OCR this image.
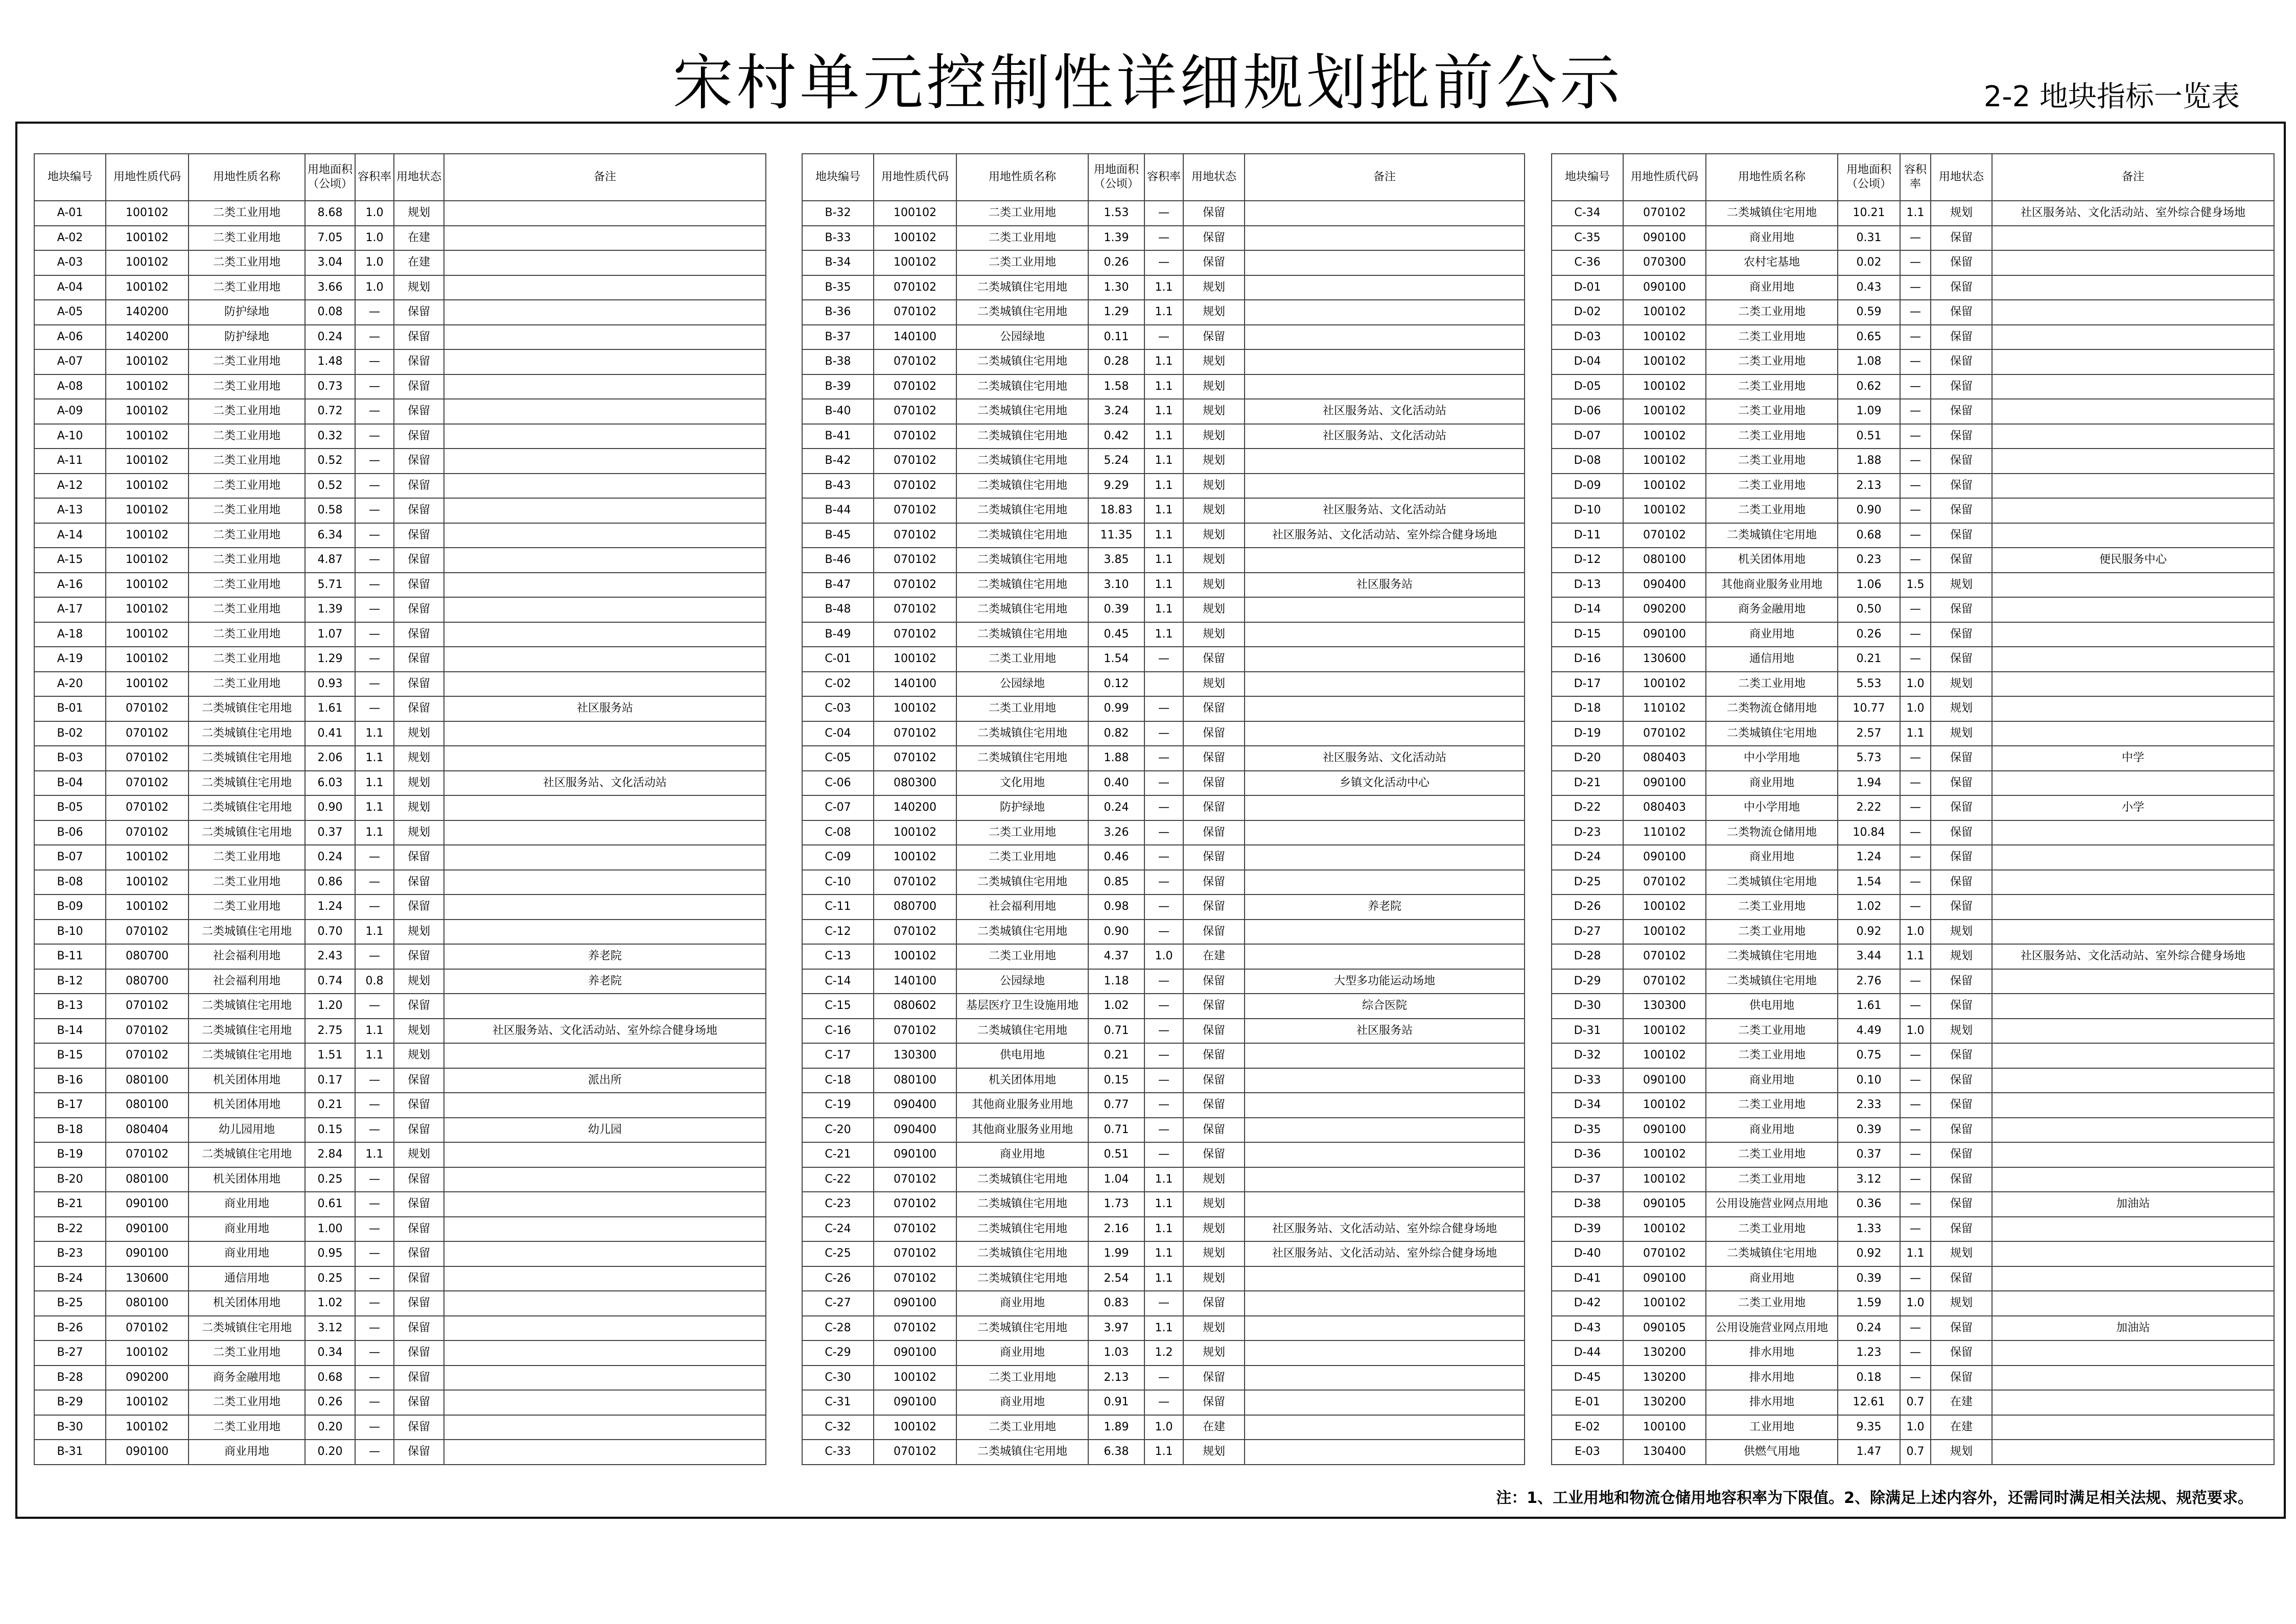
宋村单元控制性详细规划批前公示	2-2 地块指标一览表
地块编号	用地性质代码	用地性质名称	用地面积（公顷）	容积率	用地状态	备注
A-01	100102	二类工业用地	8.68	1.0	规划	
A-02	100102	二类工业用地	7.05	1.0	在建	
A-03	100102	二类工业用地	3.04	1.0	在建	
A-04	100102	二类工业用地	3.66	1.0	规划	
A-05	140200	防护绿地	0.08	—	保留	
A-06	140200	防护绿地	0.24	—	保留	
A-07	100102	二类工业用地	1.48	—	保留	
A-08	100102	二类工业用地	0.73	—	保留	
A-09	100102	二类工业用地	0.72	—	保留	
A-10	100102	二类工业用地	0.32	—	保留	
A-11	100102	二类工业用地	0.52	—	保留	
A-12	100102	二类工业用地	0.52	—	保留	
A-13	100102	二类工业用地	0.58	—	保留	
A-14	100102	二类工业用地	6.34	—	保留	
A-15	100102	二类工业用地	4.87	—	保留	
A-16	100102	二类工业用地	5.71	—	保留	
A-17	100102	二类工业用地	1.39	—	保留	
A-18	100102	二类工业用地	1.07	—	保留	
A-19	100102	二类工业用地	1.29	—	保留	
A-20	100102	二类工业用地	0.93	—	保留	
B-01	070102	二类城镇住宅用地	1.61	—	保留	社区服务站
B-02	070102	二类城镇住宅用地	0.41	1.1	规划	
B-03	070102	二类城镇住宅用地	2.06	1.1	规划	
B-04	070102	二类城镇住宅用地	6.03	1.1	规划	社区服务站、文化活动站
B-05	070102	二类城镇住宅用地	0.90	1.1	规划	
B-06	070102	二类城镇住宅用地	0.37	1.1	规划	
B-07	100102	二类工业用地	0.24	—	保留	
B-08	100102	二类工业用地	0.86	—	保留	
B-09	100102	二类工业用地	1.24	—	保留	
B-10	070102	二类城镇住宅用地	0.70	1.1	规划	
B-11	080700	社会福利用地	2.43	—	保留	养老院
B-12	080700	社会福利用地	0.74	0.8	规划	养老院
B-13	070102	二类城镇住宅用地	1.20	—	保留	
B-14	070102	二类城镇住宅用地	2.75	1.1	规划	社区服务站、文化活动站、室外综合健身场地
B-15	070102	二类城镇住宅用地	1.51	1.1	规划	
B-16	080100	机关团体用地	0.17	—	保留	派出所
B-17	080100	机关团体用地	0.21	—	保留	
B-18	080404	幼儿园用地	0.15	—	保留	幼儿园
B-19	070102	二类城镇住宅用地	2.84	1.1	规划	
B-20	080100	机关团体用地	0.25	—	保留	
B-21	090100	商业用地	0.61	—	保留	
B-22	090100	商业用地	1.00	—	保留	
B-23	090100	商业用地	0.95	—	保留	
B-24	130600	通信用地	0.25	—	保留	
B-25	080100	机关团体用地	1.02	—	保留	
B-26	070102	二类城镇住宅用地	3.12	—	保留	
B-27	100102	二类工业用地	0.34	—	保留	
B-28	090200	商务金融用地	0.68	—	保留	
B-29	100102	二类工业用地	0.26	—	保留	
B-30	100102	二类工业用地	0.20	—	保留	
B-31	090100	商业用地	0.20	—	保留	
地块编号	用地性质代码	用地性质名称	用地面积（公顷）	容积率	用地状态	备注
B-32	100102	二类工业用地	1.53	—	保留	
B-33	100102	二类工业用地	1.39	—	保留	
B-34	100102	二类工业用地	0.26	—	保留	
B-35	070102	二类城镇住宅用地	1.30	1.1	规划	
B-36	070102	二类城镇住宅用地	1.29	1.1	规划	
B-37	140100	公园绿地	0.11	—	保留	
B-38	070102	二类城镇住宅用地	0.28	1.1	规划	
B-39	070102	二类城镇住宅用地	1.58	1.1	规划	
B-40	070102	二类城镇住宅用地	3.24	1.1	规划	社区服务站、文化活动站
B-41	070102	二类城镇住宅用地	0.42	1.1	规划	社区服务站、文化活动站
B-42	070102	二类城镇住宅用地	5.24	1.1	规划	
B-43	070102	二类城镇住宅用地	9.29	1.1	规划	
B-44	070102	二类城镇住宅用地	18.83	1.1	规划	社区服务站、文化活动站
B-45	070102	二类城镇住宅用地	11.35	1.1	规划	社区服务站、文化活动站、室外综合健身场地
B-46	070102	二类城镇住宅用地	3.85	1.1	规划	
B-47	070102	二类城镇住宅用地	3.10	1.1	规划	社区服务站
B-48	070102	二类城镇住宅用地	0.39	1.1	规划	
B-49	070102	二类城镇住宅用地	0.45	1.1	规划	
C-01	100102	二类工业用地	1.54	—	保留	
C-02	140100	公园绿地	0.12		规划	
C-03	100102	二类工业用地	0.99	—	保留	
C-04	070102	二类城镇住宅用地	0.82	—	保留	
C-05	070102	二类城镇住宅用地	1.88	—	保留	社区服务站、文化活动站
C-06	080300	文化用地	0.40	—	保留	乡镇文化活动中心
C-07	140200	防护绿地	0.24	—	保留	
C-08	100102	二类工业用地	3.26	—	保留	
C-09	100102	二类工业用地	0.46	—	保留	
C-10	070102	二类城镇住宅用地	0.85	—	保留	
C-11	080700	社会福利用地	0.98	—	保留	养老院
C-12	070102	二类城镇住宅用地	0.90	—	保留	
C-13	100102	二类工业用地	4.37	1.0	在建	
C-14	140100	公园绿地	1.18	—	保留	大型多功能运动场地
C-15	080602	基层医疗卫生设施用地	1.02	—	保留	综合医院
C-16	070102	二类城镇住宅用地	0.71	—	保留	社区服务站
C-17	130300	供电用地	0.21	—	保留	
C-18	080100	机关团体用地	0.15	—	保留	
C-19	090400	其他商业服务业用地	0.77	—	保留	
C-20	090400	其他商业服务业用地	0.71	—	保留	
C-21	090100	商业用地	0.51	—	保留	
C-22	070102	二类城镇住宅用地	1.04	1.1	规划	
C-23	070102	二类城镇住宅用地	1.73	1.1	规划	
C-24	070102	二类城镇住宅用地	2.16	1.1	规划	社区服务站、文化活动站、室外综合健身场地
C-25	070102	二类城镇住宅用地	1.99	1.1	规划	社区服务站、文化活动站、室外综合健身场地
C-26	070102	二类城镇住宅用地	2.54	1.1	规划	
C-27	090100	商业用地	0.83	—	保留	
C-28	070102	二类城镇住宅用地	3.97	1.1	规划	
C-29	090100	商业用地	1.03	1.2	规划	
C-30	100102	二类工业用地	2.13	—	保留	
C-31	090100	商业用地	0.91	—	保留	
C-32	100102	二类工业用地	1.89	1.0	在建	
C-33	070102	二类城镇住宅用地	6.38	1.1	规划	
地块编号	用地性质代码	用地性质名称	用地面积（公顷）	容积率	用地状态	备注
C-34	070102	二类城镇住宅用地	10.21	1.1	规划	社区服务站、文化活动站、室外综合健身场地
C-35	090100	商业用地	0.31	—	保留	
C-36	070300	农村宅基地	0.02	—	保留	
D-01	090100	商业用地	0.43	—	保留	
D-02	100102	二类工业用地	0.59	—	保留	
D-03	100102	二类工业用地	0.65	—	保留	
D-04	100102	二类工业用地	1.08	—	保留	
D-05	100102	二类工业用地	0.62	—	保留	
D-06	100102	二类工业用地	1.09	—	保留	
D-07	100102	二类工业用地	0.51	—	保留	
D-08	100102	二类工业用地	1.88	—	保留	
D-09	100102	二类工业用地	2.13	—	保留	
D-10	100102	二类工业用地	0.90	—	保留	
D-11	070102	二类城镇住宅用地	0.68	—	保留	
D-12	080100	机关团体用地	0.23	—	保留	便民服务中心
D-13	090400	其他商业服务业用地	1.06	1.5	规划	
D-14	090200	商务金融用地	0.50	—	保留	
D-15	090100	商业用地	0.26	—	保留	
D-16	130600	通信用地	0.21	—	保留	
D-17	100102	二类工业用地	5.53	1.0	规划	
D-18	110102	二类物流仓储用地	10.77	1.0	规划	
D-19	070102	二类城镇住宅用地	2.57	1.1	规划	
D-20	080403	中小学用地	5.73	—	保留	中学
D-21	090100	商业用地	1.94	—	保留	
D-22	080403	中小学用地	2.22	—	保留	小学
D-23	110102	二类物流仓储用地	10.84	—	保留	
D-24	090100	商业用地	1.24	—	保留	
D-25	070102	二类城镇住宅用地	1.54	—	保留	
D-26	100102	二类工业用地	1.02	—	保留	
D-27	100102	二类工业用地	0.92	1.0	规划	
D-28	070102	二类城镇住宅用地	3.44	1.1	规划	社区服务站、文化活动站、室外综合健身场地
D-29	070102	二类城镇住宅用地	2.76	—	保留	
D-30	130300	供电用地	1.61	—	保留	
D-31	100102	二类工业用地	4.49	1.0	规划	
D-32	100102	二类工业用地	0.75	—	保留	
D-33	090100	商业用地	0.10	—	保留	
D-34	100102	二类工业用地	2.33	—	保留	
D-35	090100	商业用地	0.39	—	保留	
D-36	100102	二类工业用地	0.37	—	保留	
D-37	100102	二类工业用地	3.12	—	保留	
D-38	090105	公用设施营业网点用地	0.36	—	保留	加油站
D-39	100102	二类工业用地	1.33	—	保留	
D-40	070102	二类城镇住宅用地	0.92	1.1	规划	
D-41	090100	商业用地	0.39	—	保留	
D-42	100102	二类工业用地	1.59	1.0	规划	
D-43	090105	公用设施营业网点用地	0.24	—	保留	加油站
D-44	130200	排水用地	1.23	—	保留	
D-45	130200	排水用地	0.18	—	保留	
E-01	130200	排水用地	12.61	0.7	在建	
E-02	100100	工业用地	9.35	1.0	在建	
E-03	130400	供燃气用地	1.47	0.7	规划	
注：1、工业用地和物流仓储用地容积率为下限值。2、除满足上述内容外，还需同时满足相关法规、规范要求。
